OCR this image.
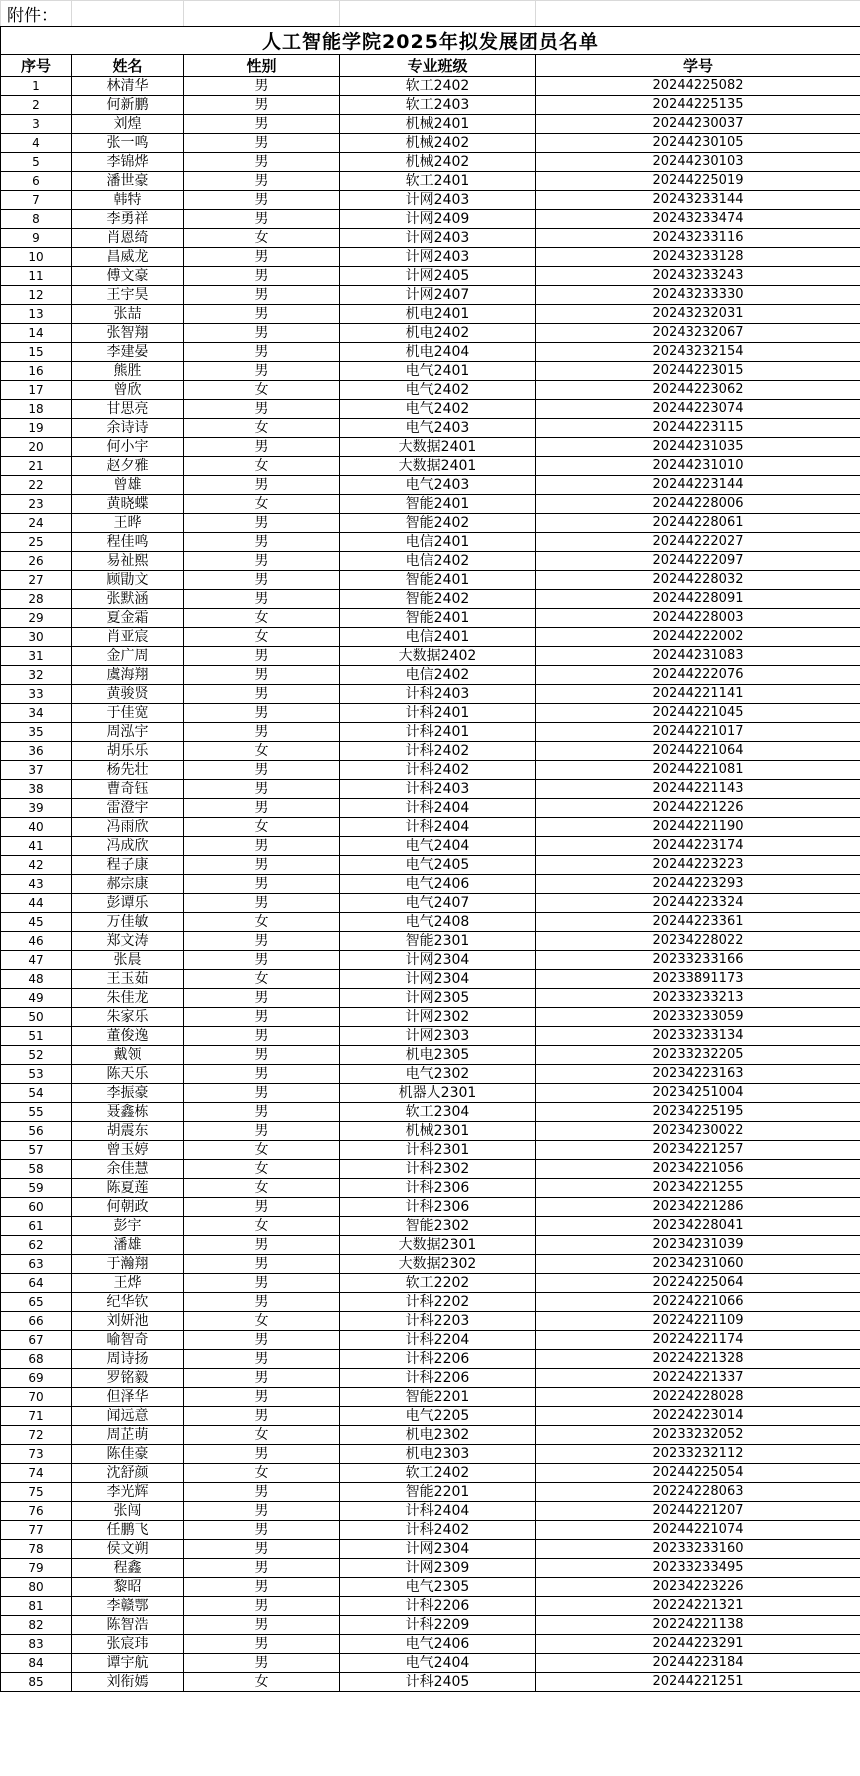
附件：				
人工智能学院2025年拟发展团员名单				
序号	姓名	性别	专业班级	学号
1	林清华	男	软工2402	20244225082
2	何新鹏	男	软工2403	20244225135
3	刘煌	男	机械2401	20244230037
4	张一鸣	男	机械2402	20244230105
5	李锦烨	男	机械2402	20244230103
6	潘世豪	男	软工2401	20244225019
7	韩特	男	计网2403	20243233144
8	李勇祥	男	计网2409	20243233474
9	肖恩绮	女	计网2403	20243233116
10	昌威龙	男	计网2403	20243233128
11	傅文豪	男	计网2405	20243233243
12	王宇昊	男	计网2407	20243233330
13	张喆	男	机电2401	20243232031
14	张智翔	男	机电2402	20243232067
15	李建晏	男	机电2404	20243232154
16	熊胜	男	电气2401	20244223015
17	曾欣	女	电气2402	20244223062
18	甘思亮	男	电气2402	20244223074
19	余诗诗	女	电气2403	20244223115
20	何小宇	男	大数据2401	20244231035
21	赵夕雅	女	大数据2401	20244231010
22	曾雄	男	电气2403	20244223144
23	黄晓蝶	女	智能2401	20244228006
24	王晔	男	智能2402	20244228061
25	程佳鸣	男	电信2401	20244222027
26	易祉熙	男	电信2402	20244222097
27	顾勖文	男	智能2401	20244228032
28	张默涵	男	智能2402	20244228091
29	夏金霜	女	智能2401	20244228003
30	肖亚宸	女	电信2401	20244222002
31	金广周	男	大数据2402	20244231083
32	虞海翔	男	电信2402	20244222076
33	黄骏贤	男	计科2403	20244221141
34	于佳宽	男	计科2401	20244221045
35	周泓宇	男	计科2401	20244221017
36	胡乐乐	女	计科2402	20244221064
37	杨先壮	男	计科2402	20244221081
38	曹奇钰	男	计科2403	20244221143
39	雷澄宇	男	计科2404	20244221226
40	冯雨欣	女	计科2404	20244221190
41	冯成欣	男	电气2404	20244223174
42	程子康	男	电气2405	20244223223
43	郝宗康	男	电气2406	20244223293
44	彭谭乐	男	电气2407	20244223324
45	万佳敏	女	电气2408	20244223361
46	郑文涛	男	智能2301	20234228022
47	张晨	男	计网2304	20233233166
48	王玉茹	女	计网2304	20233891173
49	朱佳龙	男	计网2305	20233233213
50	朱家乐	男	计网2302	20233233059
51	董俊逸	男	计网2303	20233233134
52	戴领	男	机电2305	20233232205
53	陈天乐	男	电气2302	20234223163
54	李振豪	男	机器人2301	20234251004
55	聂鑫栋	男	软工2304	20234225195
56	胡震东	男	机械2301	20234230022
57	曾玉婷	女	计科2301	20234221257
58	余佳慧	女	计科2302	20234221056
59	陈夏莲	女	计科2306	20234221255
60	何朝政	男	计科2306	20234221286
61	彭宇	女	智能2302	20234228041
62	潘雄	男	大数据2301	20234231039
63	于瀚翔	男	大数据2302	20234231060
64	王烨	男	软工2202	20224225064
65	纪华钦	男	计科2202	20224221066
66	刘妍池	女	计科2203	20224221109
67	喻智奇	男	计科2204	20224221174
68	周诗扬	男	计科2206	20224221328
69	罗铭毅	男	计科2206	20224221337
70	但泽华	男	智能2201	20224228028
71	闻远意	男	电气2205	20224223014
72	周芷萌	女	机电2302	20233232052
73	陈佳豪	男	机电2303	20233232112
74	沈舒颜	女	软工2402	20244225054
75	李光辉	男	智能2201	20224228063
76	张闯	男	计科2404	20244221207
77	任鹏飞	男	计科2402	20244221074
78	侯文朔	男	计网2304	20233233160
79	程鑫	男	计网2309	20233233495
80	黎昭	男	电气2305	20234223226
81	李赣鄂	男	计科2206	20224221321
82	陈智浩	男	计科2209	20224221138
83	张宸玮	男	电气2406	20244223291
84	谭宇航	男	电气2404	20244223184
85	刘衔嫣	女	计科2405	20244221251
